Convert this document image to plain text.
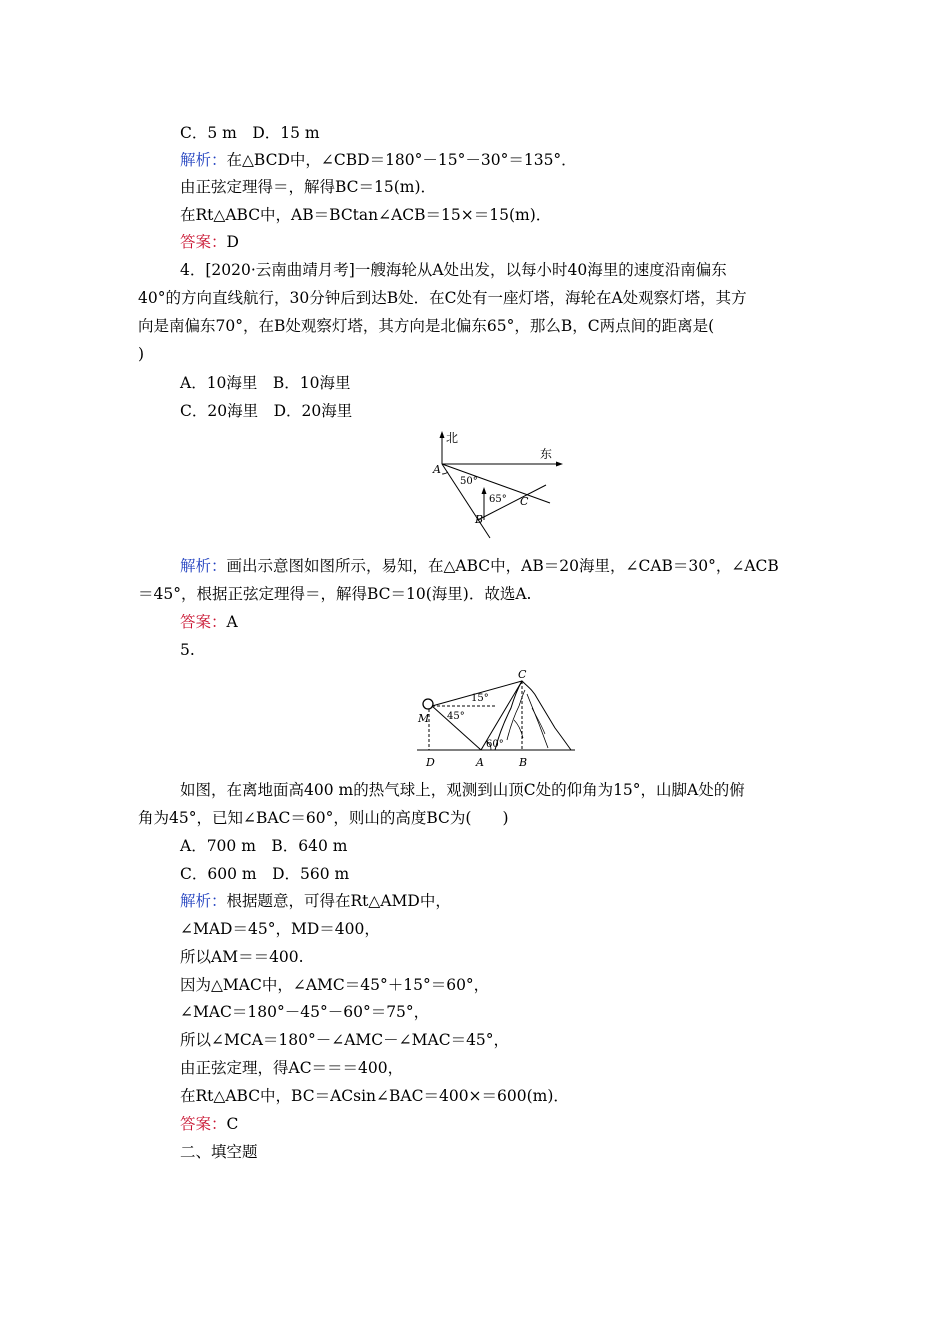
C．5 m　D．15 m
解析：在△BCD中，∠CBD＝180°－15°－30°＝135°．
由正弦定理得＝，解得BC＝15(m)．
在Rt△ABC中，AB＝BCtan∠ACB＝15×＝15(m)．
答案：D
4．[2020·云南曲靖月考]一艘海轮从A处出发，以每小时40海里的速度沿南偏东
40°的方向直线航行，30分钟后到达B处．在C处有一座灯塔，海轮在A处观察灯塔，其方
向是南偏东70°，在B处观察灯塔，其方向是北偏东65°，那么B，C两点间的距离是(
)
A．10海里　B．10海里
C．20海里　D．20海里
北
东
A
B
C
50°
65°
解析：画出示意图如图所示，易知，在△ABC中，AB＝20海里，∠CAB＝30°，∠ACB
＝45°，根据正弦定理得＝，解得BC＝10(海里)．故选A.
答案：A
5.
C
M
D	A	B
15°
45°
60°
如图，在离地面高400 m的热气球上，观测到山顶C处的仰角为15°，山脚A处的俯
角为45°，已知∠BAC＝60°，则山的高度BC为(　　)
A．700 m　B．640 m
C．600 m　D．560 m
解析：根据题意，可得在Rt△AMD中，
∠MAD＝45°，MD＝400，
所以AM＝＝400.
因为△MAC中，∠AMC＝45°＋15°＝60°，
∠MAC＝180°－45°－60°＝75°，
所以∠MCA＝180°－∠AMC－∠MAC＝45°，
由正弦定理，得AC＝＝＝400，
在Rt△ABC中，BC＝ACsin∠BAC＝400×＝600(m)．
答案：C
二、填空题
